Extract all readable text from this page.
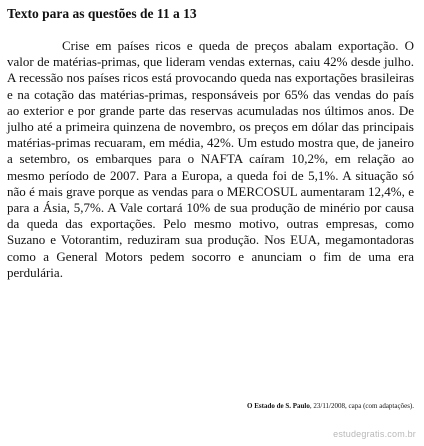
Texto para as questões de 11 a 13

Crise em países ricos e queda de preços abalam exportação. O valor de matérias-primas, que lideram vendas externas, caiu 42% desde julho. A recessão nos países ricos está provocando queda nas exportações brasileiras e na cotação das matérias-primas, responsáveis por 65% das vendas do país ao exterior e por grande parte das reservas acumuladas nos últimos anos. De julho até a primeira quinzena de novembro, os preços em dólar das principais matérias-primas recuaram, em média, 42%. Um estudo mostra que, de janeiro a setembro, os embarques para o NAFTA caíram 10,2%, em relação ao mesmo período de 2007. Para a Europa, a queda foi de 5,1%. A situação só não é mais grave porque as vendas para o MERCOSUL aumentaram 12,4%, e para a Ásia, 5,7%. A Vale cortará 10% de sua produção de minério por causa da queda das exportações. Pelo mesmo motivo, outras empresas, como Suzano e Votorantim, reduziram sua produção. Nos EUA, megamontadoras como a General Motors pedem socorro e anunciam o fim de uma era perdulária.

O Estado de S. Paulo, 23/11/2008, capa (com adaptações).
estudegratis.com.br
